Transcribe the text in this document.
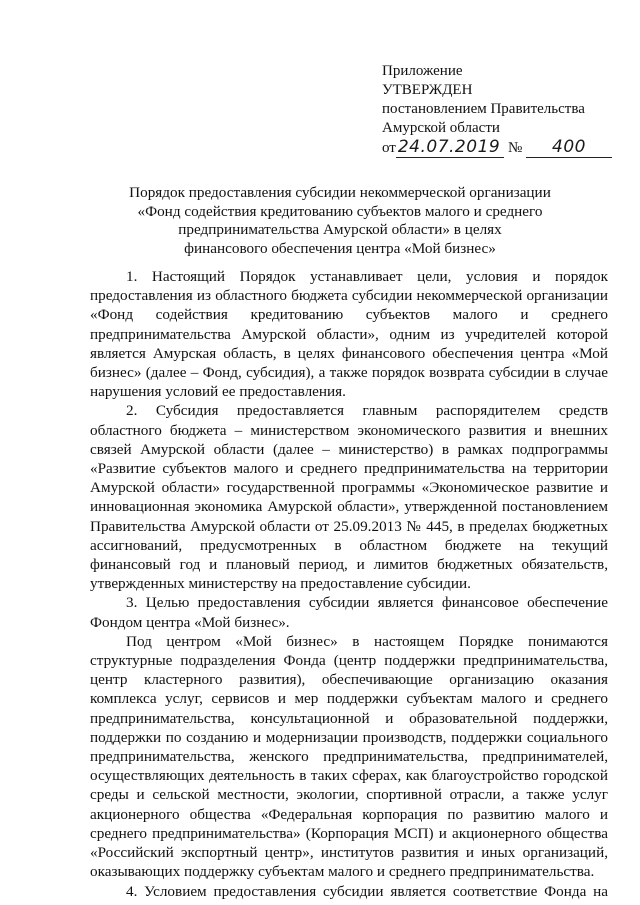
Приложение
УТВЕРЖДЕН
постановлением Правительства
Амурской области
от 24.07.2019 № 400
Порядок предоставления субсидии некоммерческой организации
«Фонд содействия кредитованию субъектов малого и среднего
предпринимательства Амурской области» в целях
финансового обеспечения центра «Мой бизнес»

1. Настоящий Порядок устанавливает цели, условия и порядок предоставления из областного бюджета субсидии некоммерческой организации «Фонд содействия кредитованию субъектов малого и среднего предпринимательства Амурской области», одним из учредителей которой является Амурская область, в целях финансового обеспечения центра «Мой бизнес» (далее – Фонд, субсидия), а также порядок возврата субсидии в случае нарушения условий ее предоставления.

2. Субсидия предоставляется главным распорядителем средств областного бюджета – министерством экономического развития и внешних связей Амурской области (далее – министерство) в рамках подпрограммы «Развитие субъектов малого и среднего предпринимательства на территории Амурской области» государственной программы «Экономическое развитие и инновационная экономика Амурской области», утвержденной постановлением Правительства Амурской области от 25.09.2013 № 445, в пределах бюджетных ассигнований, предусмотренных в областном бюджете на текущий финансовый год и плановый период, и лимитов бюджетных обязательств, утвержденных министерству на предоставление субсидии.

3. Целью предоставления субсидии является финансовое обеспечение Фондом центра «Мой бизнес».

Под центром «Мой бизнес» в настоящем Порядке понимаются структурные подразделения Фонда (центр поддержки предпринимательства, центр кластерного развития), обеспечивающие организацию оказания комплекса услуг, сервисов и мер поддержки субъектам малого и среднего предпринимательства, консультационной и образовательной поддержки, поддержки по созданию и модернизации производств, поддержки социального предпринимательства, женского предпринимательства, предпринимателей, осуществляющих деятельность в таких сферах, как благоустройство городской среды и сельской местности, экологии, спортивной отрасли, а также услуг акционерного общества «Федеральная корпорация по развитию малого и среднего предпринимательства» (Корпорация МСП) и акционерного общества «Российский экспортный центр», институтов развития и иных организаций, оказывающих поддержку субъектам малого и среднего предпринимательства.

4. Условием предоставления субсидии является соответствие Фонда на
